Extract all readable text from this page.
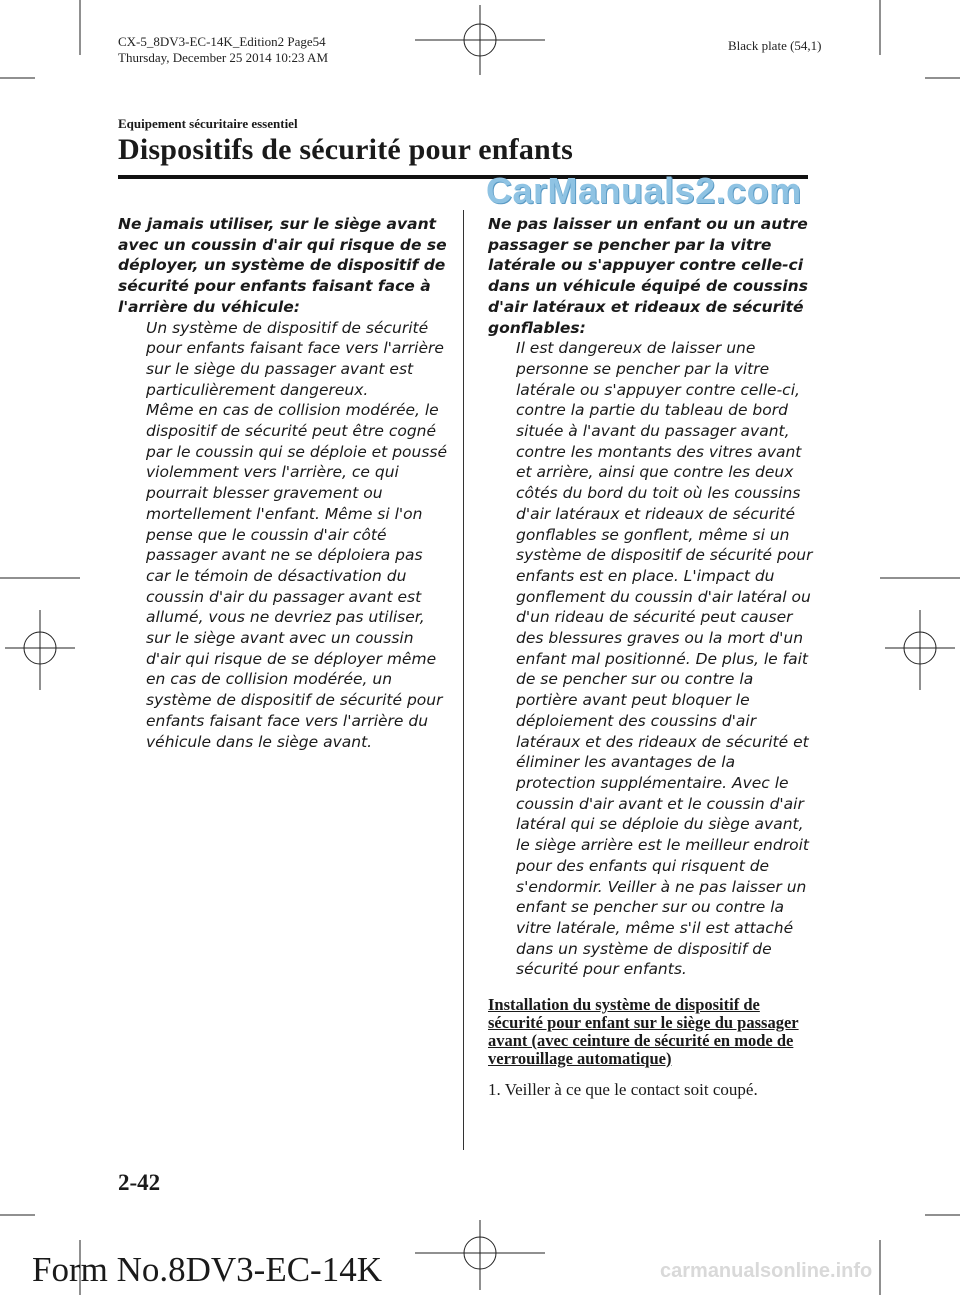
CX-5_8DV3-EC-14K_Edition2 Page54
Thursday, December 25 2014 10:23 AM
Black plate (54,1)
Equipement sécuritaire essentiel
Dispositifs de sécurité pour enfants
CarManuals2.com
Ne jamais utiliser, sur le siège avant avec un coussin d'air qui risque de se déployer, un système de dispositif de sécurité pour enfants faisant face à l'arrière du véhicule:

Un système de dispositif de sécurité pour enfants faisant face vers l'arrière sur le siège du passager avant est particulièrement dangereux.

Même en cas de collision modérée, le dispositif de sécurité peut être cogné par le coussin qui se déploie et poussé violemment vers l'arrière, ce qui pourrait blesser gravement ou mortellement l'enfant. Même si l'on pense que le coussin d'air côté passager avant ne se déploiera pas car le témoin de désactivation du coussin d'air du passager avant est allumé, vous ne devriez pas utiliser, sur le siège avant avec un coussin d'air qui risque de se déployer même en cas de collision modérée, un système de dispositif de sécurité pour enfants faisant face vers l'arrière du véhicule dans le siège avant.

Ne pas laisser un enfant ou un autre passager se pencher par la vitre latérale ou s'appuyer contre celle-ci dans un véhicule équipé de coussins d'air latéraux et rideaux de sécurité gonflables:

Il est dangereux de laisser une personne se pencher par la vitre latérale ou s'appuyer contre celle-ci, contre la partie du tableau de bord située à l'avant du passager avant, contre les montants des vitres avant et arrière, ainsi que contre les deux côtés du bord du toit où les coussins d'air latéraux et rideaux de sécurité gonflables se gonflent, même si un système de dispositif de sécurité pour enfants est en place. L'impact du gonflement du coussin d'air latéral ou d'un rideau de sécurité peut causer des blessures graves ou la mort d'un enfant mal positionné. De plus, le fait de se pencher sur ou contre la portière avant peut bloquer le déploiement des coussins d'air latéraux et des rideaux de sécurité et éliminer les avantages de la protection supplémentaire. Avec le coussin d'air avant et le coussin d'air latéral qui se déploie du siège avant, le siège arrière est le meilleur endroit pour des enfants qui risquent de s'endormir. Veiller à ne pas laisser un enfant se pencher sur ou contre la vitre latérale, même s'il est attaché dans un système de dispositif de sécurité pour enfants.

Installation du système de dispositif de sécurité pour enfant sur le siège du passager avant (avec ceinture de sécurité en mode de verrouillage automatique)
1. Veiller à ce que le contact soit coupé.
2-42
Form No.8DV3-EC-14K	carmanualsonline.info
